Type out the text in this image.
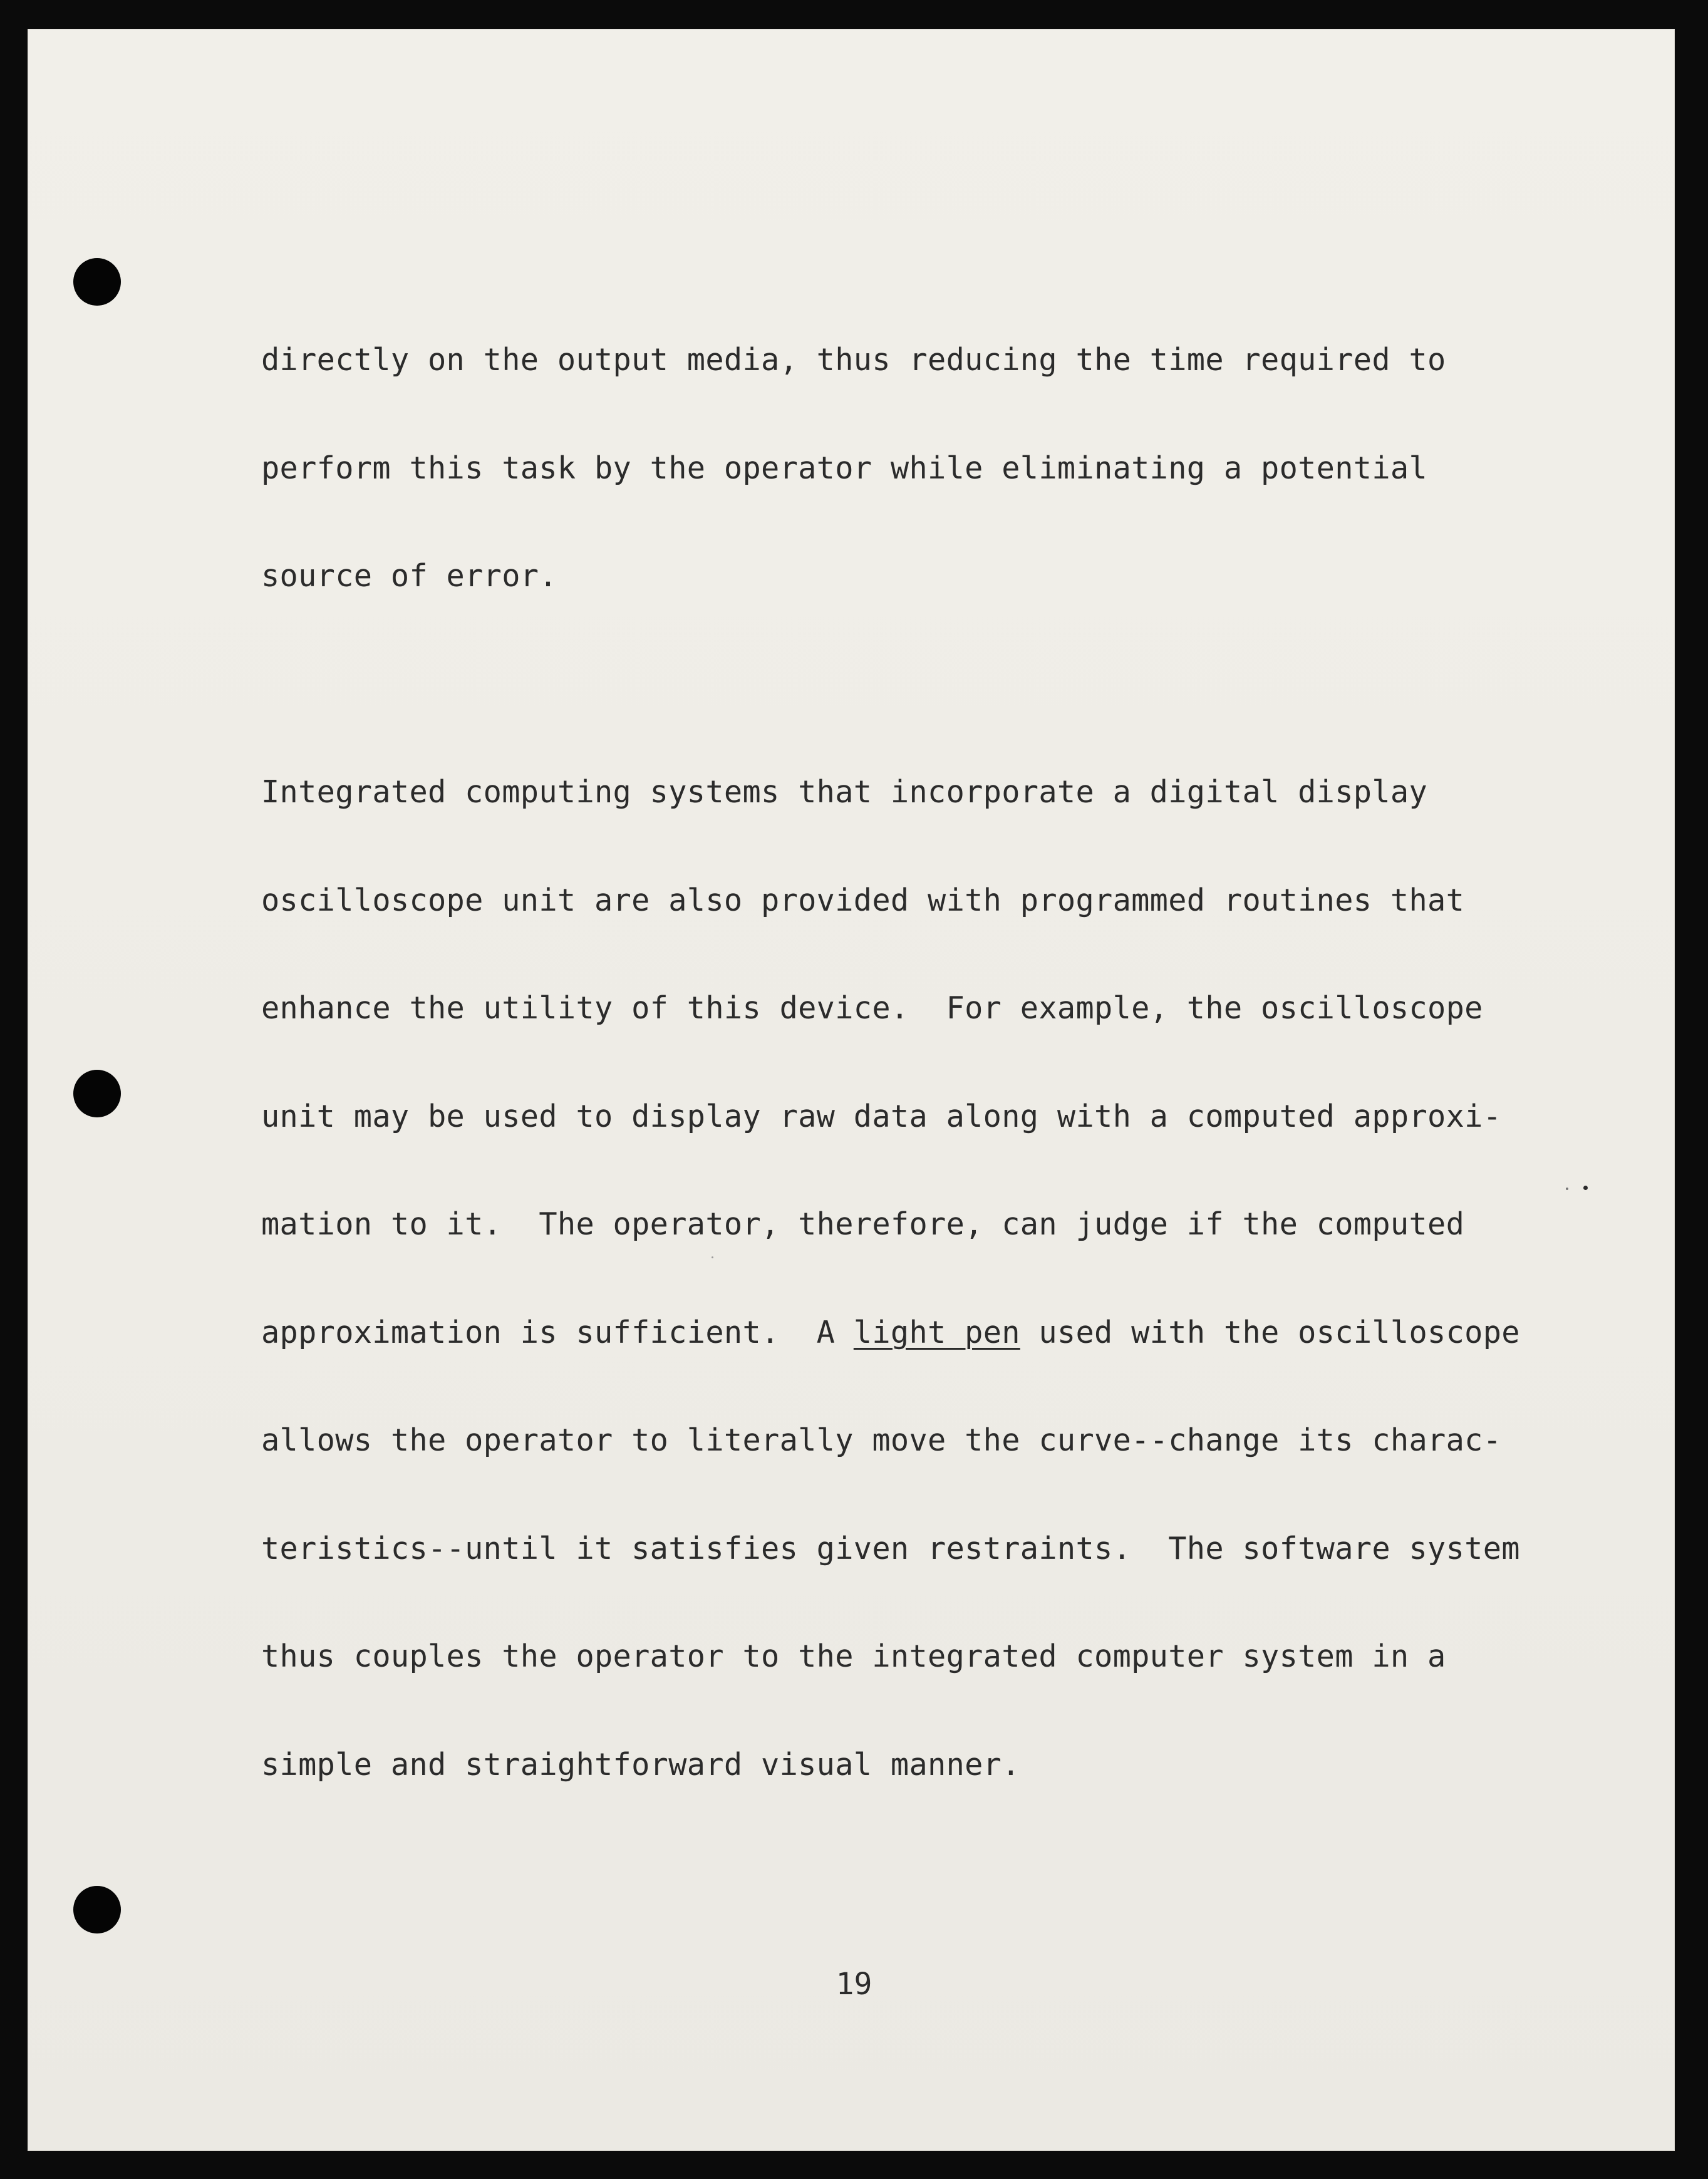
directly on the output media, thus reducing the time required to

perform this task by the operator while eliminating a potential

source of error.

Integrated computing systems that incorporate a digital display

oscilloscope unit are also provided with programmed routines that

enhance the utility of this device.  For example, the oscilloscope

unit may be used to display raw data along with a computed approxi-

mation to it.  The operator, therefore, can judge if the computed

approximation is sufficient.  A light pen used with the oscilloscope

allows the operator to literally move the curve--change its charac-

teristics--until it satisfies given restraints.  The software system

thus couples the operator to the integrated computer system in a

simple and straightforward visual manner.

19
